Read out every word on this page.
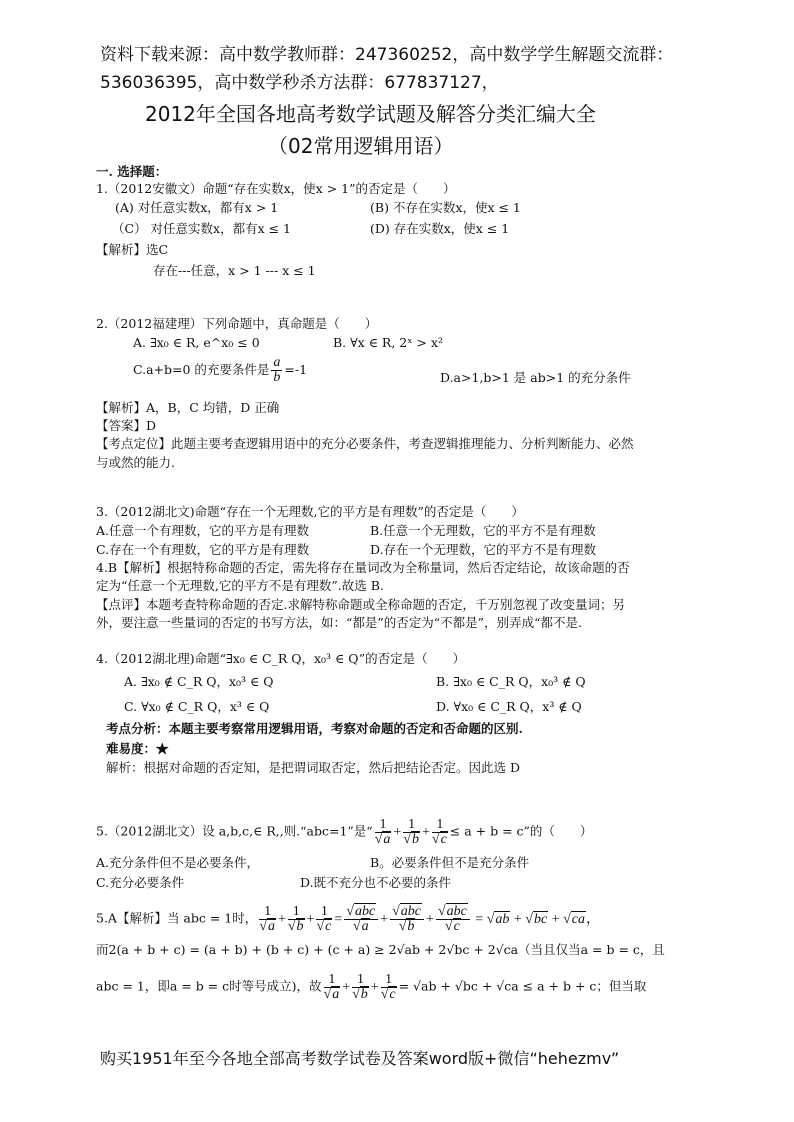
资料下载来源：高中数学教师群：247360252，高中数学学生解题交流群：
536036395，高中数学秒杀方法群：677837127，
2012年全国各地高考数学试题及解答分类汇编大全
（02常用逻辑用语）
一. 选择题：
1.（2012安徽文）命题“存在实数x，使x > 1”的否定是（　　）
(A) 对任意实数x，都有x > 1	(B) 不存在实数x，使x ≤ 1
（C） 对任意实数x，都有x ≤ 1	(D) 存在实数x，使x ≤ 1
【解析】选C
存在---任意，x > 1 --- x ≤ 1
2.（2012福建理）下列命题中，真命题是（　　）
A. ∃x₀ ∈ R, e^x₀ ≤ 0	B. ∀x ∈ R, 2ˣ > x²
C.a+b=0 的充要条件是 $\frac{a}{b} =-1$
D.a>1,b>1 是 ab>1 的充分条件
【解析】A，B，C 均错，D 正确
【答案】D
【考点定位】此题主要考查逻辑用语中的充分必要条件，考查逻辑推理能力、分析判断能力、必然
与或然的能力.
3.（2012湖北文)命题“存在一个无理数,它的平方是有理数”的否定是（　　）
A.任意一个有理数，它的平方是有理数	B.任意一个无理数，它的平方不是有理数
C.存在一个有理数，它的平方是有理数	D.存在一个无理数，它的平方不是有理数
4.B【解析】根据特称命题的否定，需先将存在量词改为全称量词，然后否定结论，故该命题的否
定为“任意一个无理数,它的平方不是有理数”.故选 B.
【点评】本题考查特称命题的否定.求解特称命题或全称命题的否定，千万别忽视了改变量词；另
外，要注意一些量词的否定的书写方法，如：“都是”的否定为“不都是”，别弄成“都不是.
4.（2012湖北理)命题“∃x₀ ∈ C_R Q，x₀³ ∈ Q”的否定是（　　）
A. ∃x₀ ∉ C_R Q，x₀³ ∈ Q	B. ∃x₀ ∈ C_R Q，x₀³ ∉ Q
C. ∀x₀ ∉ C_R Q，x³ ∈ Q	D. ∀x₀ ∈ C_R Q，x³ ∉ Q
考点分析：本题主要考察常用逻辑用语，考察对命题的否定和否命题的区别.
难易度：★
解析：根据对命题的否定知，是把谓词取否定，然后把结论否定。因此选 D
5.（2012湖北文）设 a,b,c,∈ R,,则.“abc=1”是“ $\frac{1}{√a} + \frac{1}{√b} + \frac{1}{√c} \le a + b = c$”的（　　）
A.充分条件但不是必要条件，	B。必要条件但不是充分条件
C.充分必要条件	D.既不充分也不必要的条件
5.A【解析】当 abc = 1时， $\frac{1}{√a} + \frac{1}{√b} + \frac{1}{√c} = \frac{\text{√abc}}{√a} + \frac{\text{√abc}}{√b} + \frac{\text{√abc}}{√c} = √ab + √bc + √ca$，
而2(a + b + c) = (a + b) + (b + c) + (c + a) ≥ 2√ab + 2√bc + 2√ca（当且仅当a = b = c，且
abc = 1，即a = b = c时等号成立)，故 $\frac{1}{√a} + \frac{1}{√b} + \frac{1}{√c} = √ab + √bc + √ca \le a + b + c$；但当取
购买1951年至今各地全部高考数学试卷及答案word版+微信“hehezmv”
